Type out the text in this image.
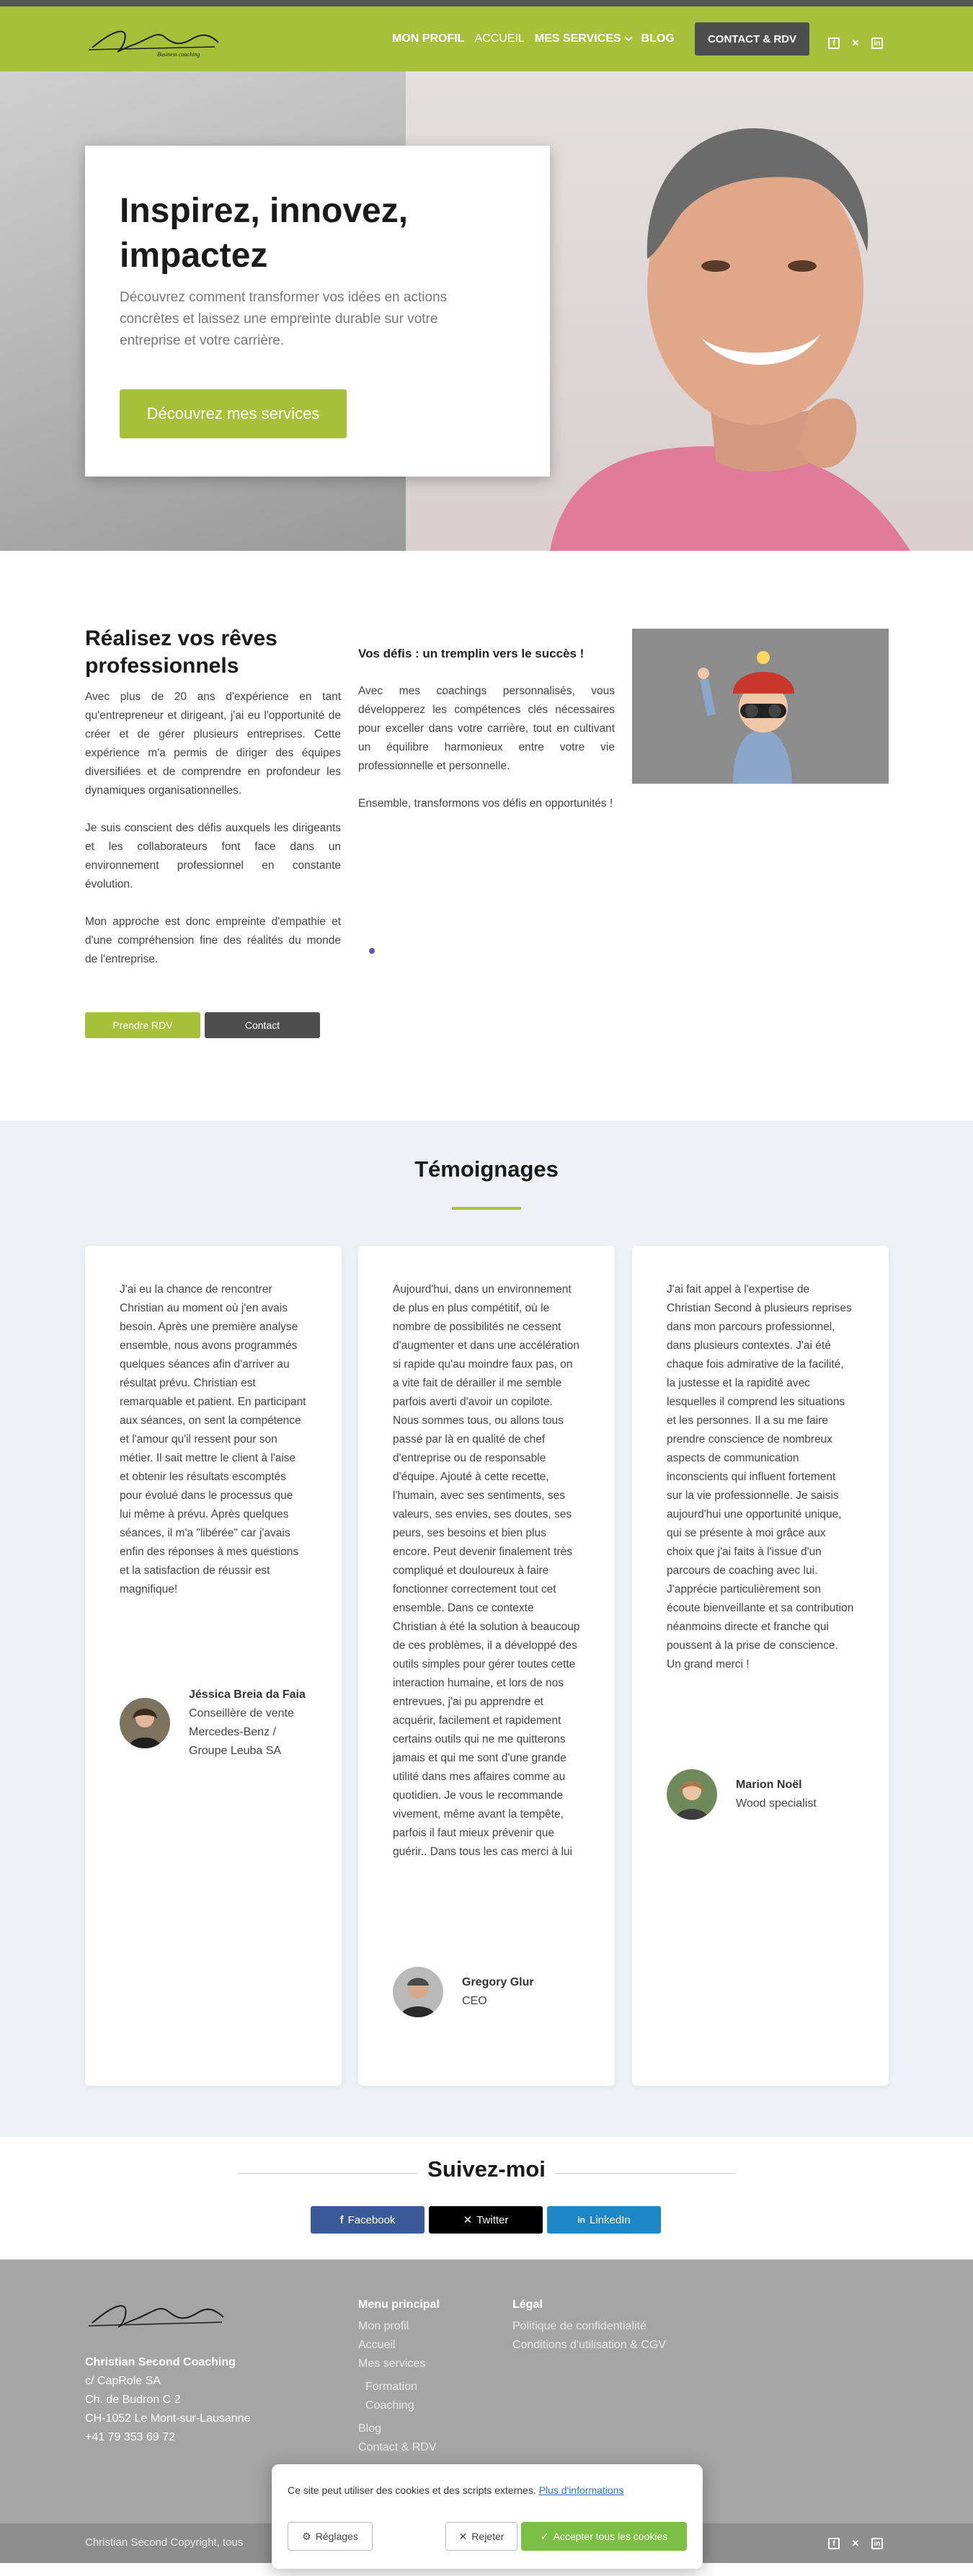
Business coaching
MON PROFIL ACCUEIL MES SERVICES BLOG	CONTACT & RDV	f	✕	in
Inspirez, innovez, impactez

Découvrez comment transformer vos idées en actions concrètes et laissez une empreinte durable sur votre entreprise et votre carrière.

Découvrez mes services
Réalisez vos rêves professionnels

Avec plus de 20 ans d'expérience en tant qu'entrepreneur et dirigeant, j'ai eu l'opportunité de créer et de gérer plusieurs entreprises. Cette expérience m'a permis de diriger des équipes diversifiées et de comprendre en profondeur les dynamiques organisationnelles.

Je suis conscient des défis auxquels les dirigeants et les collaborateurs font face dans un environnement professionnel en constante évolution.

Mon approche est donc empreinte d'empathie et d'une compréhension fine des réalités du monde de l'entreprise.

Vos défis : un tremplin vers le succès !

Avec mes coachings personnalisés, vous développerez les compétences clés nécessaires pour exceller dans votre carrière, tout en cultivant un équilibre harmonieux entre votre vie professionnelle et personnelle.

Ensemble, transformons vos défis en opportunités !

Prendre RDV	Contact
Témoignages

J'ai eu la chance de rencontrer Christian au moment où j'en avais besoin. Après une première analyse ensemble, nous avons programmés quelques séances afin d'arriver au résultat prévu. Christian est remarquable et patient. En participant aux séances, on sent la compétence et l'amour qu'il ressent pour son métier. Il sait mettre le client à l'aise et obtenir les résultats escomptés pour évolué dans le processus que lui même à prévu. Après quelques séances, il m'a "libérée" car j'avais enfin des réponses à mes questions et la satisfaction de réussir est magnifique!

Jéssica Breia da Faia
Conseillère de vente Mercedes-Benz / Groupe Leuba SA

Aujourd'hui, dans un environnement de plus en plus compétitif, où le nombre de possibilités ne cessent d'augmenter et dans une accélération si rapide qu'au moindre faux pas, on a vite fait de dérailler il me semble parfois averti d'avoir un copilote. Nous sommes tous, ou allons tous passé par là en qualité de chef d'entreprise ou de responsable d'équipe. Ajouté à cette recette, l'humain, avec ses sentiments, ses valeurs, ses envies, ses doutes, ses peurs, ses besoins et bien plus encore. Peut devenir finalement très compliqué et douloureux à faire fonctionner correctement tout cet ensemble. Dans ce contexte Christian à été la solution à beaucoup de ces problèmes, il a développé des outils simples pour gérer toutes cette interaction humaine, et lors de nos entrevues, j'ai pu apprendre et acquérir, facilement et rapidement certains outils qui ne me quitterons jamais et qui me sont d'une grande utilité dans mes affaires comme au quotidien. Je vous le recommande vivement, même avant la tempête, parfois il faut mieux prévenir que guérir.. Dans tous les cas merci à lui

Gregory Glur
CEO

J'ai fait appel à l'expertise de Christian Second à plusieurs reprises dans mon parcours professionnel, dans plusieurs contextes. J'ai été chaque fois admirative de la facilité, la justesse et la rapidité avec lesquelles il comprend les situations et les personnes. Il a su me faire prendre conscience de nombreux aspects de communication inconscients qui influent fortement sur la vie professionnelle. Je saisis aujourd'hui une opportunité unique, qui se présente à moi grâce aux choix que j'ai faits à l'issue d'un parcours de coaching avec lui. J'apprécie particulièrement son écoute bienveillante et sa contribution néanmoins directe et franche qui poussent à la prise de conscience. Un grand merci !

Marion Noël
Wood specialist
Suivez-moi
f Facebook	✕ Twitter	in LinkedIn
Christian Second Coaching
c/ CapRole SA
Ch. de Budron C 2
CH-1052 Le Mont-sur-Lausanne
+41 79 353 69 72
Menu principal
Mon profil
Accueil
Mes services
Formation
Coaching
Blog
Contact & RDV
Légal
Politique de confidentialité
Conditions d'utilisation & CGV
Christian Second Copyright, tous	f	✕	in
Ce site peut utiliser des cookies et des scripts externes. Plus d'informations
⚙ Réglages	✕ Rejeter	✓ Accepter tous les cookies
